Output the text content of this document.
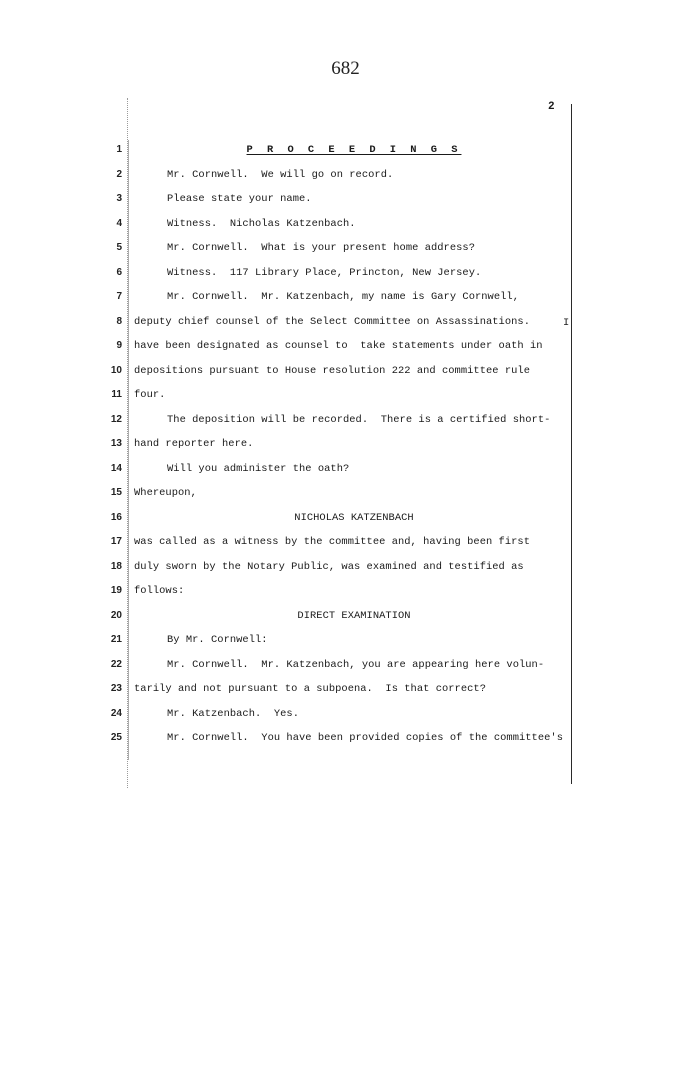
682
2
1
2
3
4
5
6
7
8
9
10
11
12
13
14
15
16
17
18
19
20
21
22
23
24
25
P R O C E E D I N G S
Mr. Cornwell.  We will go on record.
Please state your name.
Witness.  Nicholas Katzenbach.
Mr. Cornwell.  What is your present home address?
Witness.  117 Library Place, Princton, New Jersey.
Mr. Cornwell.  Mr. Katzenbach, my name is Gary Cornwell,
deputy chief counsel of the Select Committee on Assassinations.
have been designated as counsel to  take statements under oath in
depositions pursuant to House resolution 222 and committee rule
four.
The deposition will be recorded.  There is a certified short-
hand reporter here.
Will you administer the oath?
Whereupon,
NICHOLAS KATZENBACH
was called as a witness by the committee and, having been first
duly sworn by the Notary Public, was examined and testified as
follows:
DIRECT EXAMINATION
By Mr. Cornwell:
Mr. Cornwell.  Mr. Katzenbach, you are appearing here volun-
tarily and not pursuant to a subpoena.  Is that correct?
Mr. Katzenbach.  Yes.
Mr. Cornwell.  You have been provided copies of the committee's
I
